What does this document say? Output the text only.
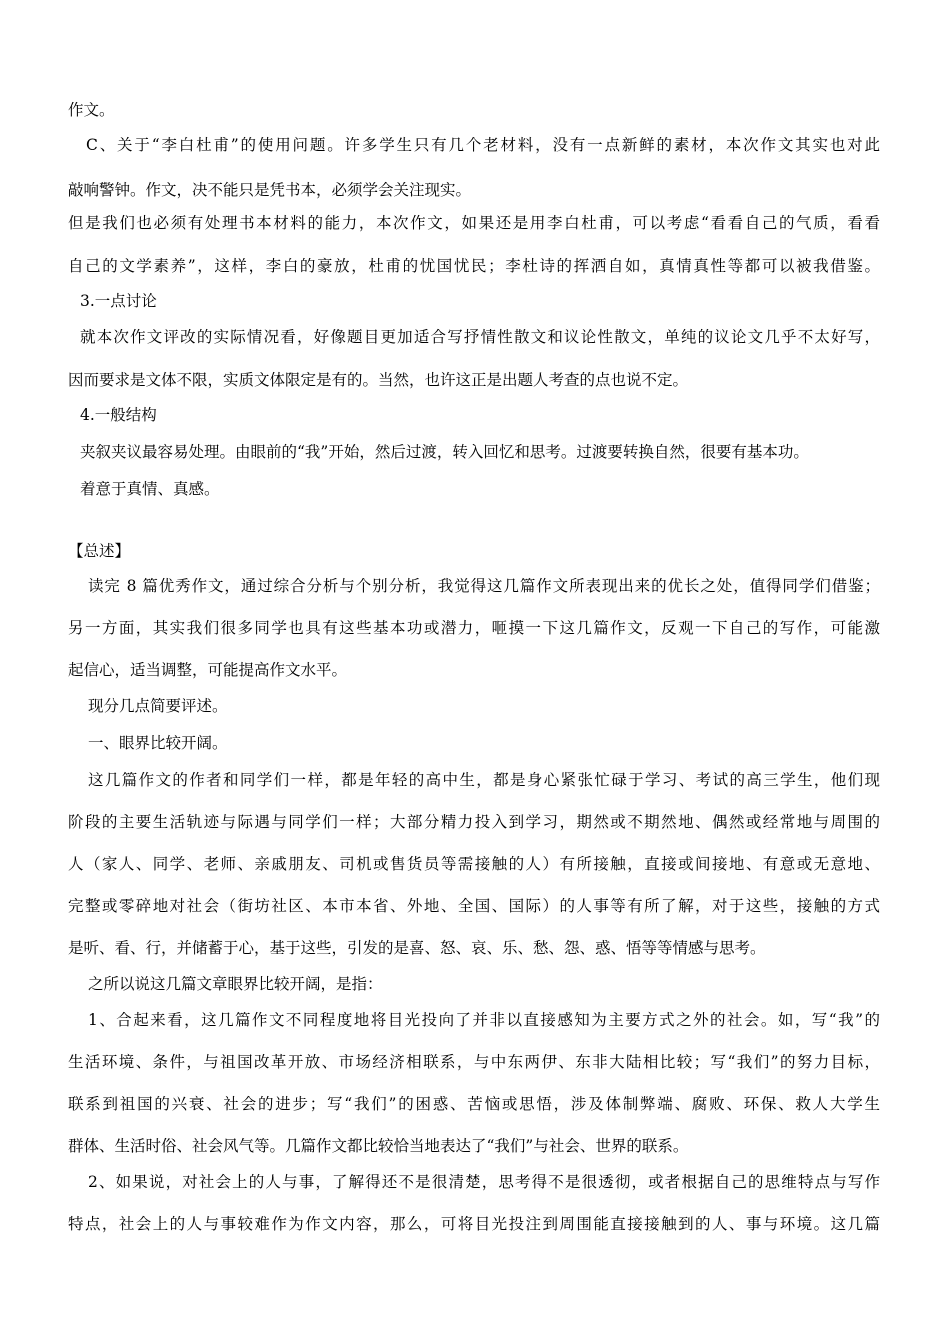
作文。
C、关于“李白杜甫”的使用问题。许多学生只有几个老材料，没有一点新鲜的素材，本次作文其实也对此
敲响警钟。作文，决不能只是凭书本，必须学会关注现实。
但是我们也必须有处理书本材料的能力，本次作文，如果还是用李白杜甫，可以考虑“看看自己的气质，看看
自己的文学素养”，这样，李白的豪放，杜甫的忧国忧民；李杜诗的挥洒自如，真情真性等都可以被我借鉴。
3.一点讨论
就本次作文评改的实际情况看，好像题目更加适合写抒情性散文和议论性散文，单纯的议论文几乎不太好写，
因而要求是文体不限，实质文体限定是有的。当然，也许这正是出题人考查的点也说不定。
4.一般结构
夹叙夹议最容易处理。由眼前的“我”开始，然后过渡，转入回忆和思考。过渡要转换自然，很要有基本功。
着意于真情、真感。
【总述】
读完 8 篇优秀作文，通过综合分析与个别分析，我觉得这几篇作文所表现出来的优长之处，值得同学们借鉴；
另一方面，其实我们很多同学也具有这些基本功或潜力，咂摸一下这几篇作文，反观一下自己的写作，可能激
起信心，适当调整，可能提高作文水平。
现分几点简要评述。
一、眼界比较开阔。
这几篇作文的作者和同学们一样，都是年轻的高中生，都是身心紧张忙碌于学习、考试的高三学生，他们现
阶段的主要生活轨迹与际遇与同学们一样；大部分精力投入到学习，期然或不期然地、偶然或经常地与周围的
人（家人、同学、老师、亲戚朋友、司机或售货员等需接触的人）有所接触，直接或间接地、有意或无意地、
完整或零碎地对社会（街坊社区、本市本省、外地、全国、国际）的人事等有所了解，对于这些，接触的方式
是听、看、行，并储蓄于心，基于这些，引发的是喜、怒、哀、乐、愁、怨、惑、悟等等情感与思考。
之所以说这几篇文章眼界比较开阔，是指：
1、合起来看，这几篇作文不同程度地将目光投向了并非以直接感知为主要方式之外的社会。如，写“我”的
生活环境、条件，与祖国改革开放、市场经济相联系，与中东两伊、东非大陆相比较；写“我们”的努力目标，
联系到祖国的兴衰、社会的进步；写“我们”的困惑、苦恼或思悟，涉及体制弊端、腐败、环保、救人大学生
群体、生活时俗、社会风气等。几篇作文都比较恰当地表达了“我们”与社会、世界的联系。
2、如果说，对社会上的人与事，了解得还不是很清楚，思考得不是很透彻，或者根据自己的思维特点与写作
特点，社会上的人与事较难作为作文内容，那么，可将目光投注到周围能直接接触到的人、事与环境。这几篇
